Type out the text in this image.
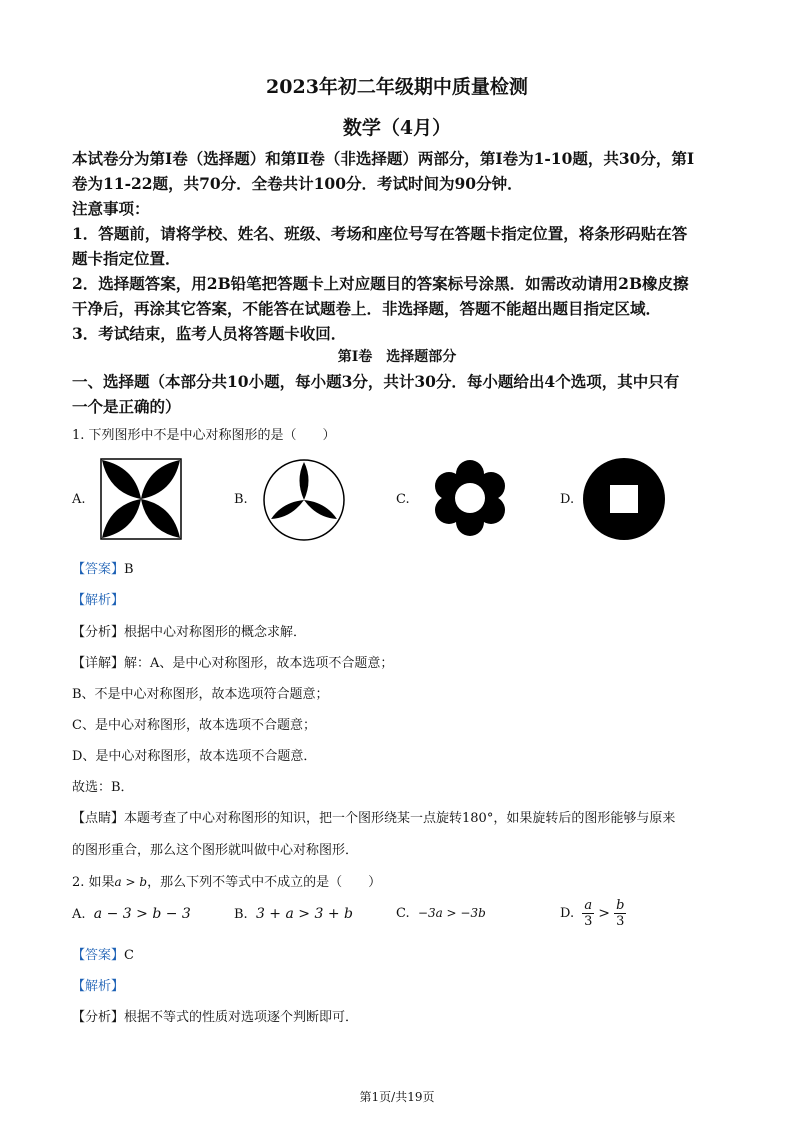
2023年初二年级期中质量检测
数学（4月）
本试卷分为第Ⅰ卷（选择题）和第Ⅱ卷（非选择题）两部分，第Ⅰ卷为1-10题，共30分，第Ⅰ
卷为11-22题，共70分．全卷共计100分．考试时间为90分钟．
注意事项：
1．答题前，请将学校、姓名、班级、考场和座位号写在答题卡指定位置，将条形码贴在答
题卡指定位置．
2．选择题答案，用2B铅笔把答题卡上对应题目的答案标号涂黑．如需改动请用2B橡皮擦
干净后，再涂其它答案，不能答在试题卷上．非选择题，答题不能超出题目指定区域．
3．考试结束，监考人员将答题卡收回．
第Ⅰ卷　选择题部分
一、选择题（本部分共10小题，每小题3分，共计30分．每小题给出4个选项，其中只有
一个是正确的）
1. 下列图形中不是中心对称图形的是（　　）
A.	B.	C.	D.
【答案】B
【解析】
【分析】根据中心对称图形的概念求解．
【详解】解：A、是中心对称图形，故本选项不合题意；
B、不是中心对称图形，故本选项符合题意；
C、是中心对称图形，故本选项不合题意；
D、是中心对称图形，故本选项不合题意．
故选：B．
【点睛】本题考查了中心对称图形的知识，把一个图形绕某一点旋转180°，如果旋转后的图形能够与原来
的图形重合，那么这个图形就叫做中心对称图形．
2. 如果a > b，那么下列不等式中不成立的是（　　）
A. a − 3 > b − 3	B. 3 + a > 3 + b	C. −3a > −3b	D. $\frac{a}{3} > \frac{b}{3}$
【答案】C
【解析】
【分析】根据不等式的性质对选项逐个判断即可．
第1页/共19页
